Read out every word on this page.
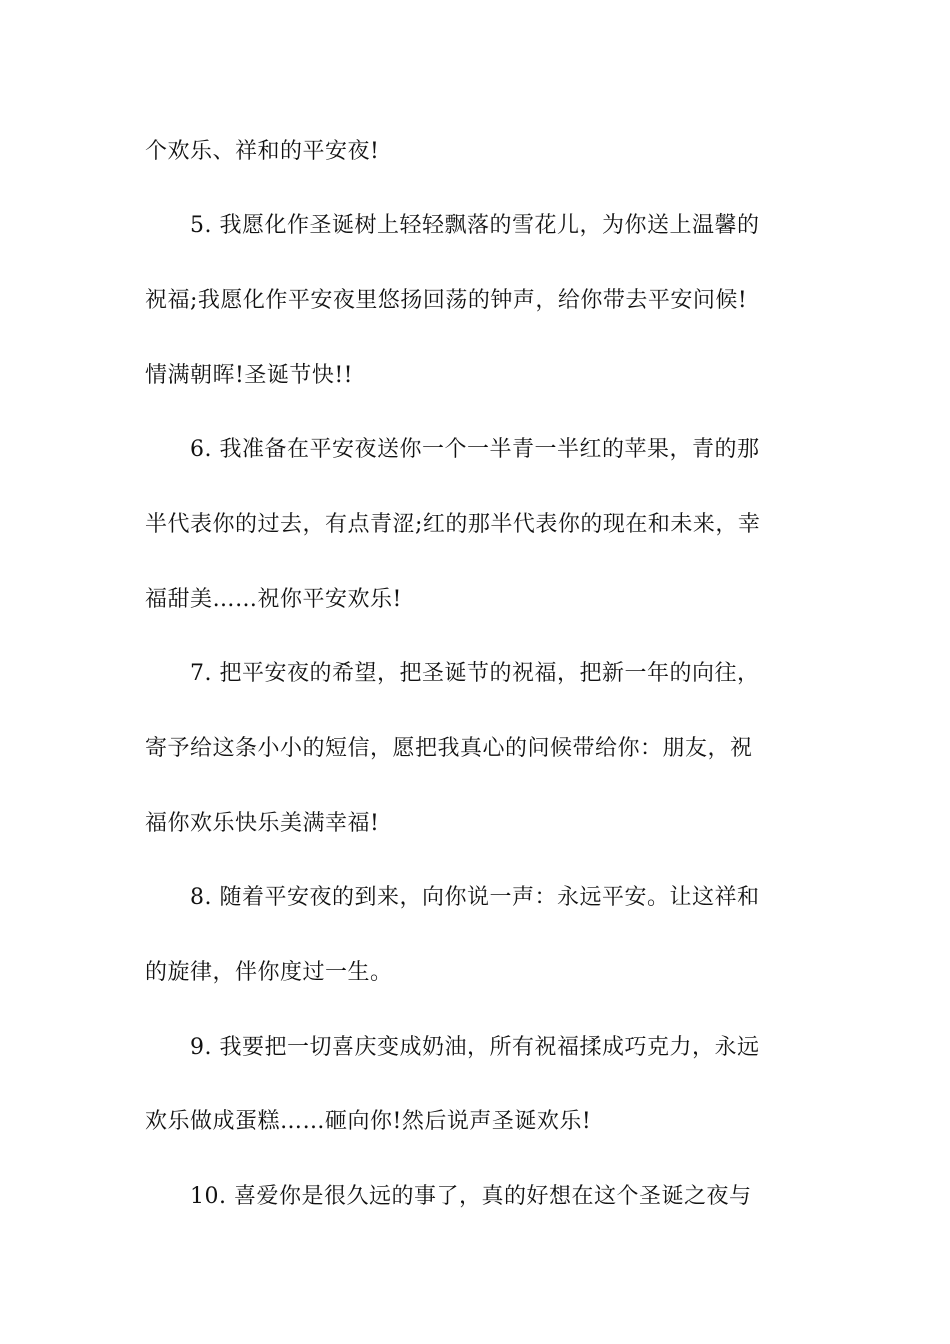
个欢乐、祥和的平安夜!
5. 我愿化作圣诞树上轻轻飘落的雪花儿，为你送上温馨的
祝福;我愿化作平安夜里悠扬回荡的钟声，给你带去平安问候!
情满朝晖!圣诞节快!!
6. 我准备在平安夜送你一个一半青一半红的苹果，青的那
半代表你的过去，有点青涩;红的那半代表你的现在和未来，幸
福甜美……祝你平安欢乐!
7. 把平安夜的希望，把圣诞节的祝福，把新一年的向往，
寄予给这条小小的短信，愿把我真心的问候带给你：朋友，祝
福你欢乐快乐美满幸福!
8. 随着平安夜的到来，向你说一声：永远平安。让这祥和
的旋律，伴你度过一生。
9. 我要把一切喜庆变成奶油，所有祝福揉成巧克力，永远
欢乐做成蛋糕……砸向你!然后说声圣诞欢乐!
10. 喜爱你是很久远的事了，真的好想在这个圣诞之夜与
